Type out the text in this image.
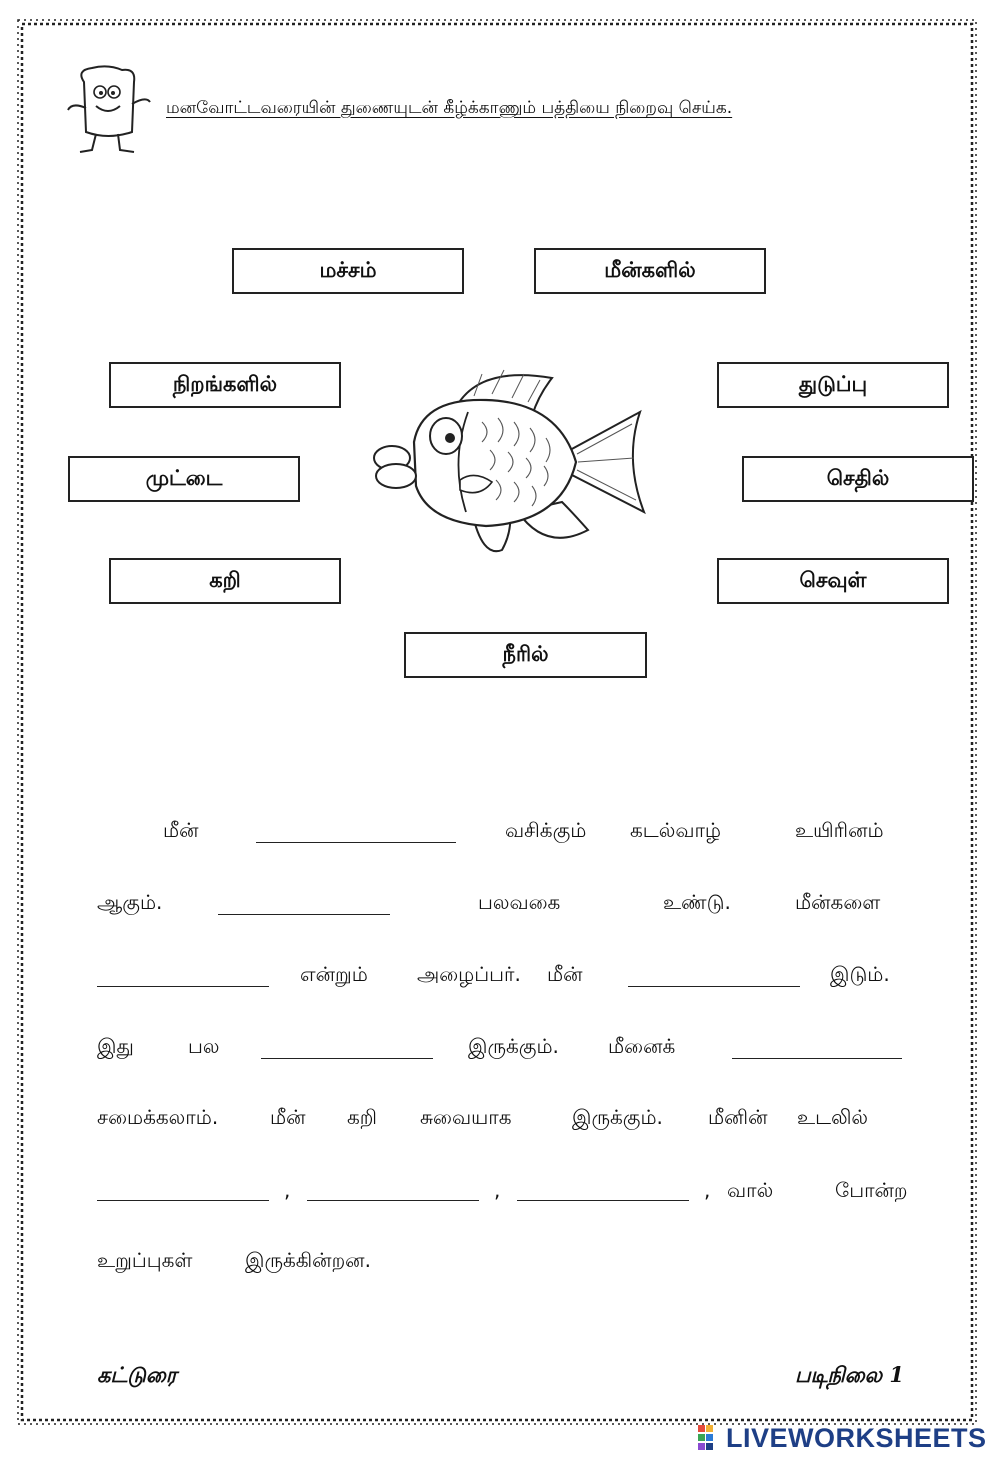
மனவோட்டவரையின் துணையுடன் கீழ்க்காணும் பத்தியை நிறைவு செய்க.
மச்சம்	மீன்களில்
நிறங்களில்	துடுப்பு
முட்டை	செதில்
கறி	செவுள்
நீரில்
மீன்	வசிக்கும் கடல்வாழ்	உயிரினம்
ஆகும்.	பலவகை	உண்டு.	மீன்களை
என்றும் அழைப்பர். மீன்	இடும்.
இது	பல	இருக்கும். மீனைக்
சமைக்கலாம்.	மீன் கறி சுவையாக	இருக்கும். மீனின் உடலில்
,	,	, வால்	போன்ற
உறுப்புகள்	இருக்கின்றன.
கட்டுரை	படிநிலை 1
LIVEWORKSHEETS
